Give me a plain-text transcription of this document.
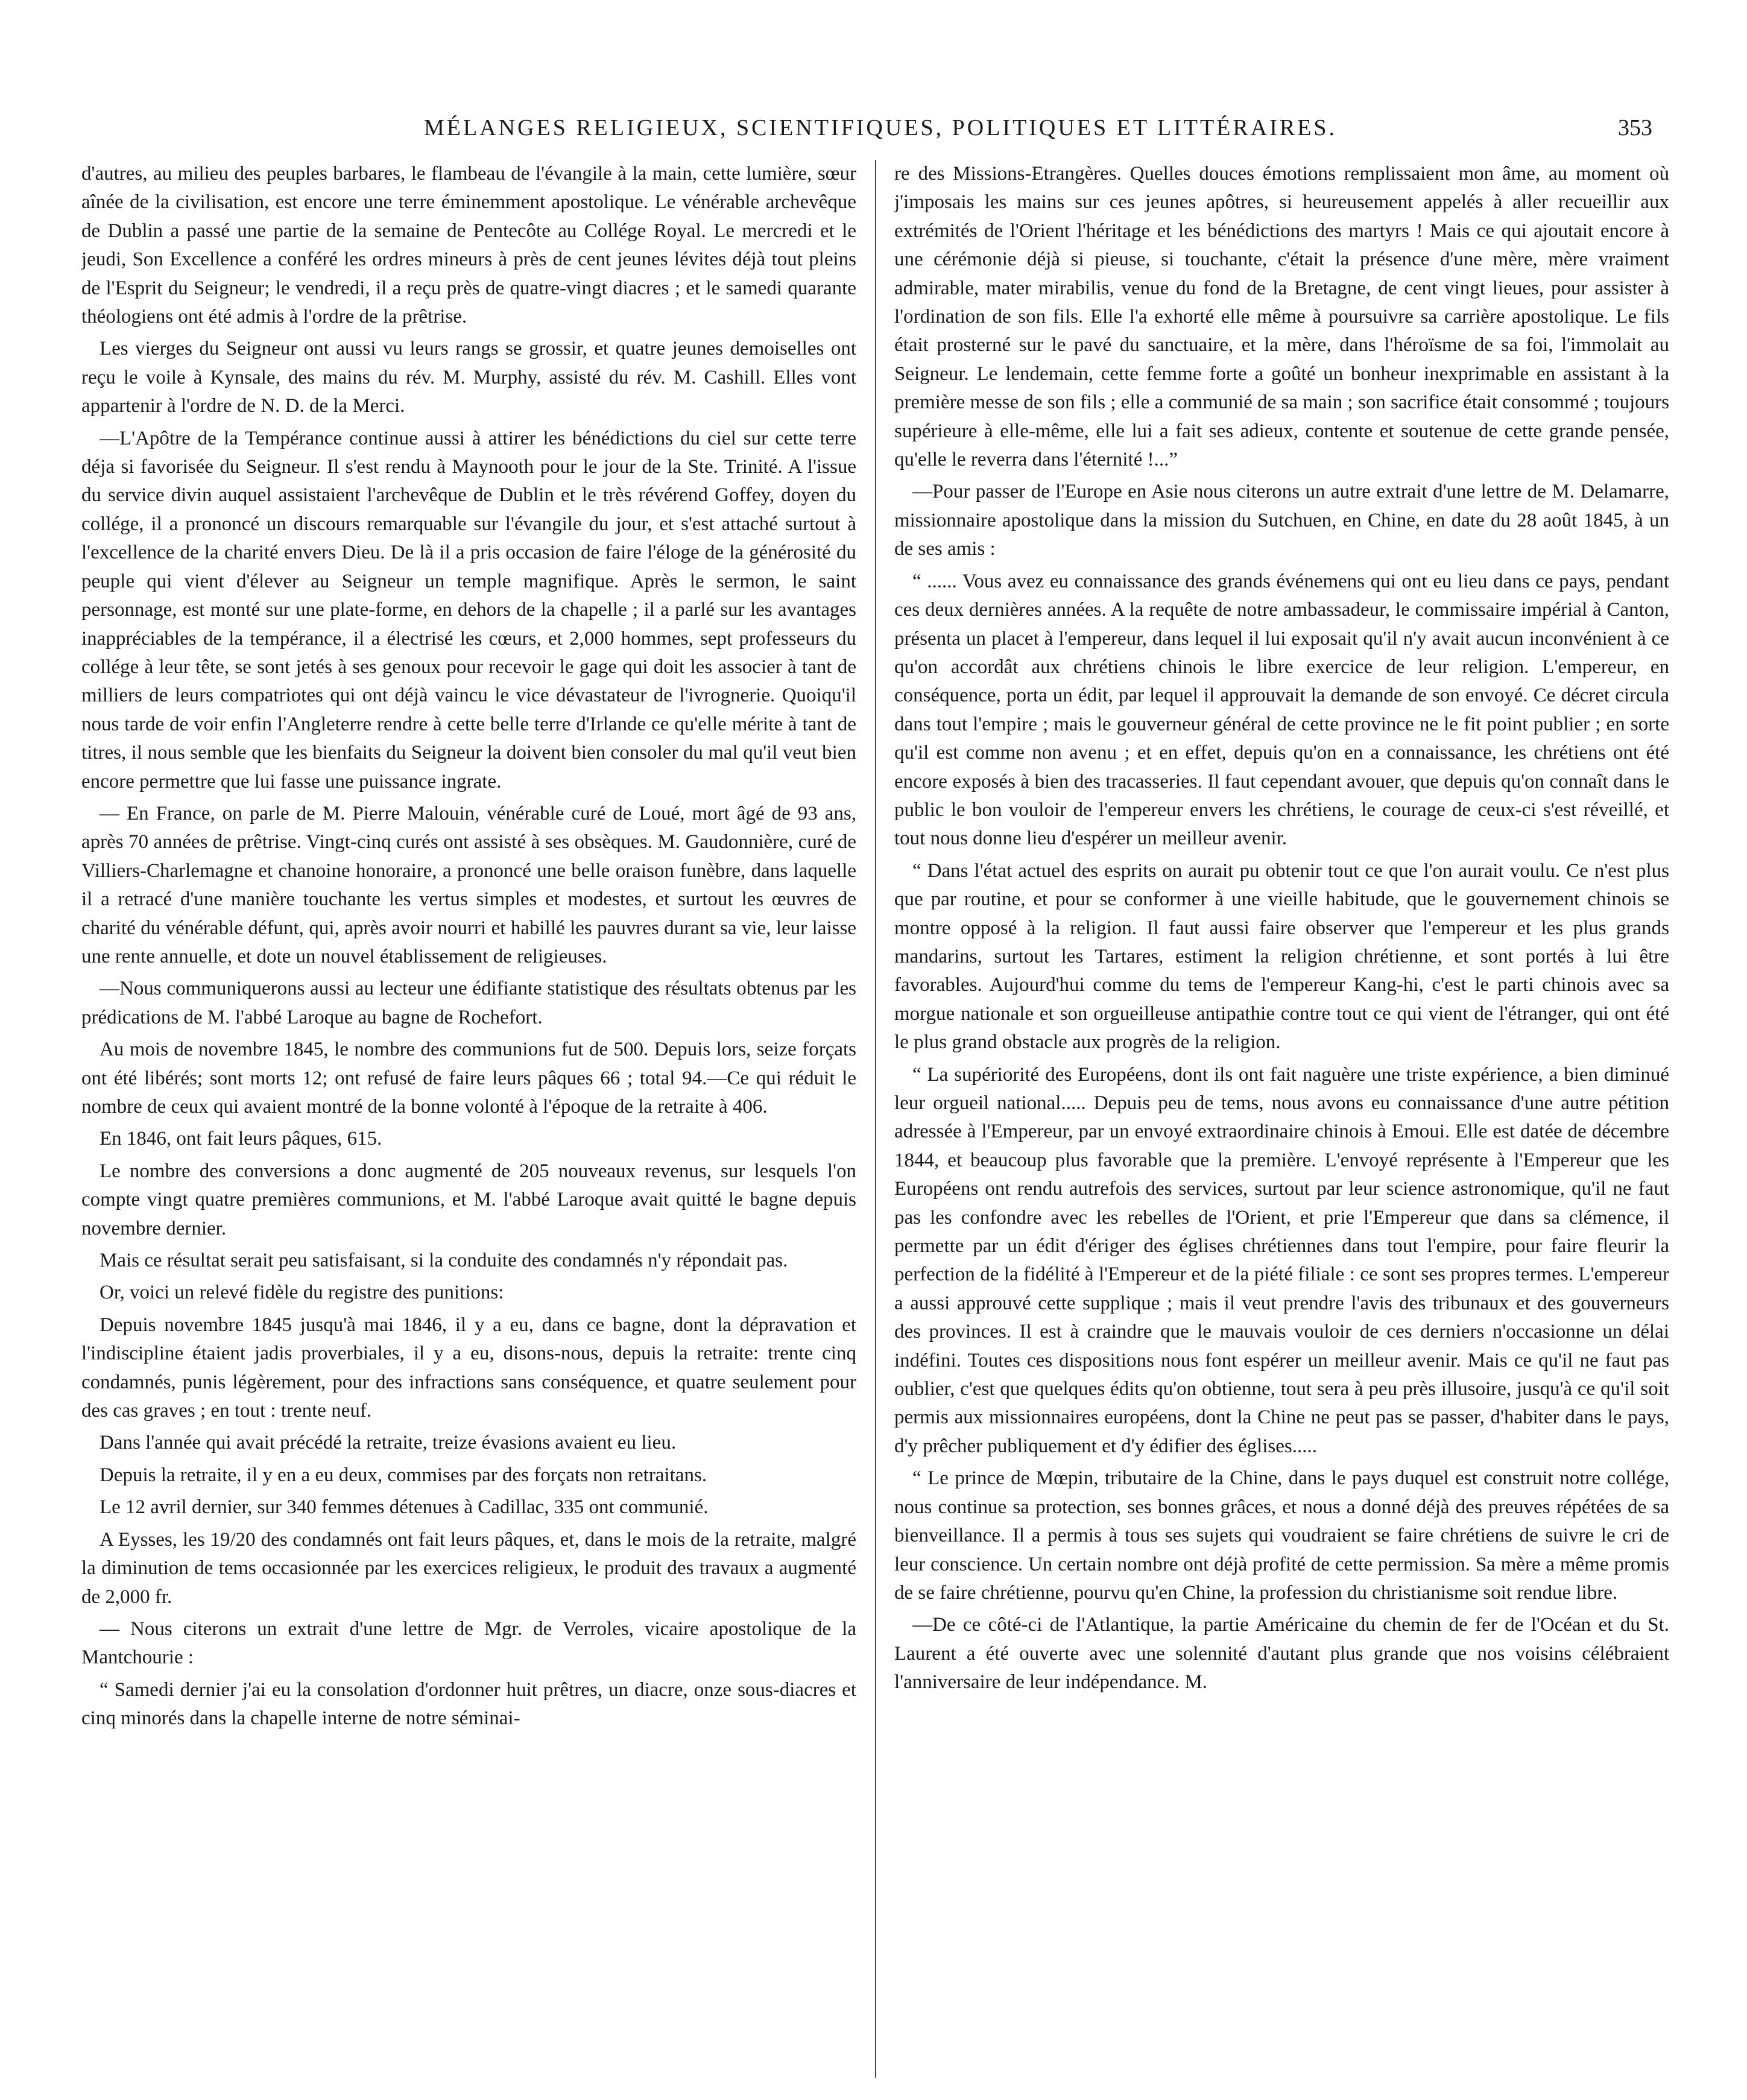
MÉLANGES RELIGIEUX, SCIENTIFIQUES, POLITIQUES ET LITTÉRAIRES.	353

d'autres, au milieu des peuples barbares, le flambeau de l'évangile à la main, cette lumière, sœur aînée de la civilisation, est encore une terre éminemment apostolique. Le vénérable archevêque de Dublin a passé une partie de la semaine de Pentecôte au Collége Royal. Le mercredi et le jeudi, Son Excellence a conféré les ordres mineurs à près de cent jeunes lévites déjà tout pleins de l'Esprit du Seigneur; le vendredi, il a reçu près de quatre-vingt diacres ; et le samedi quarante théologiens ont été admis à l'ordre de la prêtrise.

Les vierges du Seigneur ont aussi vu leurs rangs se grossir, et quatre jeunes demoiselles ont reçu le voile à Kynsale, des mains du rév. M. Murphy, assisté du rév. M. Cashill. Elles vont appartenir à l'ordre de N. D. de la Merci.

—L'Apôtre de la Tempérance continue aussi à attirer les bénédictions du ciel sur cette terre déja si favorisée du Seigneur. Il s'est rendu à Maynooth pour le jour de la Ste. Trinité. A l'issue du service divin auquel assistaient l'archevêque de Dublin et le très révérend Goffey, doyen du collége, il a prononcé un discours remarquable sur l'évangile du jour, et s'est attaché surtout à l'excellence de la charité envers Dieu. De là il a pris occasion de faire l'éloge de la générosité du peuple qui vient d'élever au Seigneur un temple magnifique. Après le sermon, le saint personnage, est monté sur une plate-forme, en dehors de la chapelle ; il a parlé sur les avantages inappréciables de la tempérance, il a électrisé les cœurs, et 2,000 hommes, sept professeurs du collége à leur tête, se sont jetés à ses genoux pour recevoir le gage qui doit les associer à tant de milliers de leurs compatriotes qui ont déjà vaincu le vice dévastateur de l'ivrognerie. Quoiqu'il nous tarde de voir enfin l'Angleterre rendre à cette belle terre d'Irlande ce qu'elle mérite à tant de titres, il nous semble que les bienfaits du Seigneur la doivent bien consoler du mal qu'il veut bien encore permettre que lui fasse une puissance ingrate.

— En France, on parle de M. Pierre Malouin, vénérable curé de Loué, mort âgé de 93 ans, après 70 années de prêtrise. Vingt-cinq curés ont assisté à ses obsèques. M. Gaudonnière, curé de Villiers-Charlemagne et chanoine honoraire, a prononcé une belle oraison funèbre, dans laquelle il a retracé d'une manière touchante les vertus simples et modestes, et surtout les œuvres de charité du vénérable défunt, qui, après avoir nourri et habillé les pauvres durant sa vie, leur laisse une rente annuelle, et dote un nouvel établissement de religieuses.

—Nous communiquerons aussi au lecteur une édifiante statistique des résultats obtenus par les prédications de M. l'abbé Laroque au bagne de Rochefort.

Au mois de novembre 1845, le nombre des communions fut de 500. Depuis lors, seize forçats ont été libérés; sont morts 12; ont refusé de faire leurs pâques 66 ; total 94.—Ce qui réduit le nombre de ceux qui avaient montré de la bonne volonté à l'époque de la retraite à 406.

En 1846, ont fait leurs pâques, 615.

Le nombre des conversions a donc augmenté de 205 nouveaux revenus, sur lesquels l'on compte vingt quatre premières communions, et M. l'abbé Laroque avait quitté le bagne depuis novembre dernier.

Mais ce résultat serait peu satisfaisant, si la conduite des condamnés n'y répondait pas.

Or, voici un relevé fidèle du registre des punitions:

Depuis novembre 1845 jusqu'à mai 1846, il y a eu, dans ce bagne, dont la dépravation et l'indiscipline étaient jadis proverbiales, il y a eu, disons-nous, depuis la retraite: trente cinq condamnés, punis légèrement, pour des infractions sans conséquence, et quatre seulement pour des cas graves ; en tout : trente neuf.

Dans l'année qui avait précédé la retraite, treize évasions avaient eu lieu.

Depuis la retraite, il y en a eu deux, commises par des forçats non retraitans.

Le 12 avril dernier, sur 340 femmes détenues à Cadillac, 335 ont communié.

A Eysses, les 19/20 des condamnés ont fait leurs pâques, et, dans le mois de la retraite, malgré la diminution de tems occasionnée par les exercices religieux, le produit des travaux a augmenté de 2,000 fr.

— Nous citerons un extrait d'une lettre de Mgr. de Verroles, vicaire apostolique de la Mantchourie :

“ Samedi dernier j'ai eu la consolation d'ordonner huit prêtres, un diacre, onze sous-diacres et cinq minorés dans la chapelle interne de notre séminai-

re des Missions-Etrangères. Quelles douces émotions remplissaient mon âme, au moment où j'imposais les mains sur ces jeunes apôtres, si heureusement appelés à aller recueillir aux extrémités de l'Orient l'héritage et les bénédictions des martyrs ! Mais ce qui ajoutait encore à une cérémonie déjà si pieuse, si touchante, c'était la présence d'une mère, mère vraiment admirable, mater mirabilis, venue du fond de la Bretagne, de cent vingt lieues, pour assister à l'ordination de son fils. Elle l'a exhorté elle même à poursuivre sa carrière apostolique. Le fils était prosterné sur le pavé du sanctuaire, et la mère, dans l'héroïsme de sa foi, l'immolait au Seigneur. Le lendemain, cette femme forte a goûté un bonheur inexprimable en assistant à la première messe de son fils ; elle a communié de sa main ; son sacrifice était consommé ; toujours supérieure à elle-même, elle lui a fait ses adieux, contente et soutenue de cette grande pensée, qu'elle le reverra dans l'éternité !...”

—Pour passer de l'Europe en Asie nous citerons un autre extrait d'une lettre de M. Delamarre, missionnaire apostolique dans la mission du Sutchuen, en Chine, en date du 28 août 1845, à un de ses amis :

“ ...... Vous avez eu connaissance des grands événemens qui ont eu lieu dans ce pays, pendant ces deux dernières années. A la requête de notre ambassadeur, le commissaire impérial à Canton, présenta un placet à l'empereur, dans lequel il lui exposait qu'il n'y avait aucun inconvénient à ce qu'on accordât aux chrétiens chinois le libre exercice de leur religion. L'empereur, en conséquence, porta un édit, par lequel il approuvait la demande de son envoyé. Ce décret circula dans tout l'empire ; mais le gouverneur général de cette province ne le fit point publier ; en sorte qu'il est comme non avenu ; et en effet, depuis qu'on en a connaissance, les chrétiens ont été encore exposés à bien des tracasseries. Il faut cependant avouer, que depuis qu'on connaît dans le public le bon vouloir de l'empereur envers les chrétiens, le courage de ceux-ci s'est réveillé, et tout nous donne lieu d'espérer un meilleur avenir.

“ Dans l'état actuel des esprits on aurait pu obtenir tout ce que l'on aurait voulu. Ce n'est plus que par routine, et pour se conformer à une vieille habitude, que le gouvernement chinois se montre opposé à la religion. Il faut aussi faire observer que l'empereur et les plus grands mandarins, surtout les Tartares, estiment la religion chrétienne, et sont portés à lui être favorables. Aujourd'hui comme du tems de l'empereur Kang-hi, c'est le parti chinois avec sa morgue nationale et son orgueilleuse antipathie contre tout ce qui vient de l'étranger, qui ont été le plus grand obstacle aux progrès de la religion.

“ La supériorité des Européens, dont ils ont fait naguère une triste expérience, a bien diminué leur orgueil national..... Depuis peu de tems, nous avons eu connaissance d'une autre pétition adressée à l'Empereur, par un envoyé extraordinaire chinois à Emoui. Elle est datée de décembre 1844, et beaucoup plus favorable que la première. L'envoyé représente à l'Empereur que les Européens ont rendu autrefois des services, surtout par leur science astronomique, qu'il ne faut pas les confondre avec les rebelles de l'Orient, et prie l'Empereur que dans sa clémence, il permette par un édit d'ériger des églises chrétiennes dans tout l'empire, pour faire fleurir la perfection de la fidélité à l'Empereur et de la piété filiale : ce sont ses propres termes. L'empereur a aussi approuvé cette supplique ; mais il veut prendre l'avis des tribunaux et des gouverneurs des provinces. Il est à craindre que le mauvais vouloir de ces derniers n'occasionne un délai indéfini. Toutes ces dispositions nous font espérer un meilleur avenir. Mais ce qu'il ne faut pas oublier, c'est que quelques édits qu'on obtienne, tout sera à peu près illusoire, jusqu'à ce qu'il soit permis aux missionnaires européens, dont la Chine ne peut pas se passer, d'habiter dans le pays, d'y prêcher publiquement et d'y édifier des églises.....

“ Le prince de Mœpin, tributaire de la Chine, dans le pays duquel est construit notre collége, nous continue sa protection, ses bonnes grâces, et nous a donné déjà des preuves répétées de sa bienveillance. Il a permis à tous ses sujets qui voudraient se faire chrétiens de suivre le cri de leur conscience. Un certain nombre ont déjà profité de cette permission. Sa mère a même promis de se faire chrétienne, pourvu qu'en Chine, la profession du christianisme soit rendue libre.

—De ce côté-ci de l'Atlantique, la partie Américaine du chemin de fer de l'Océan et du St. Laurent a été ouverte avec une solennité d'autant plus grande que nos voisins célébraient l'anniversaire de leur indépendance. M.
